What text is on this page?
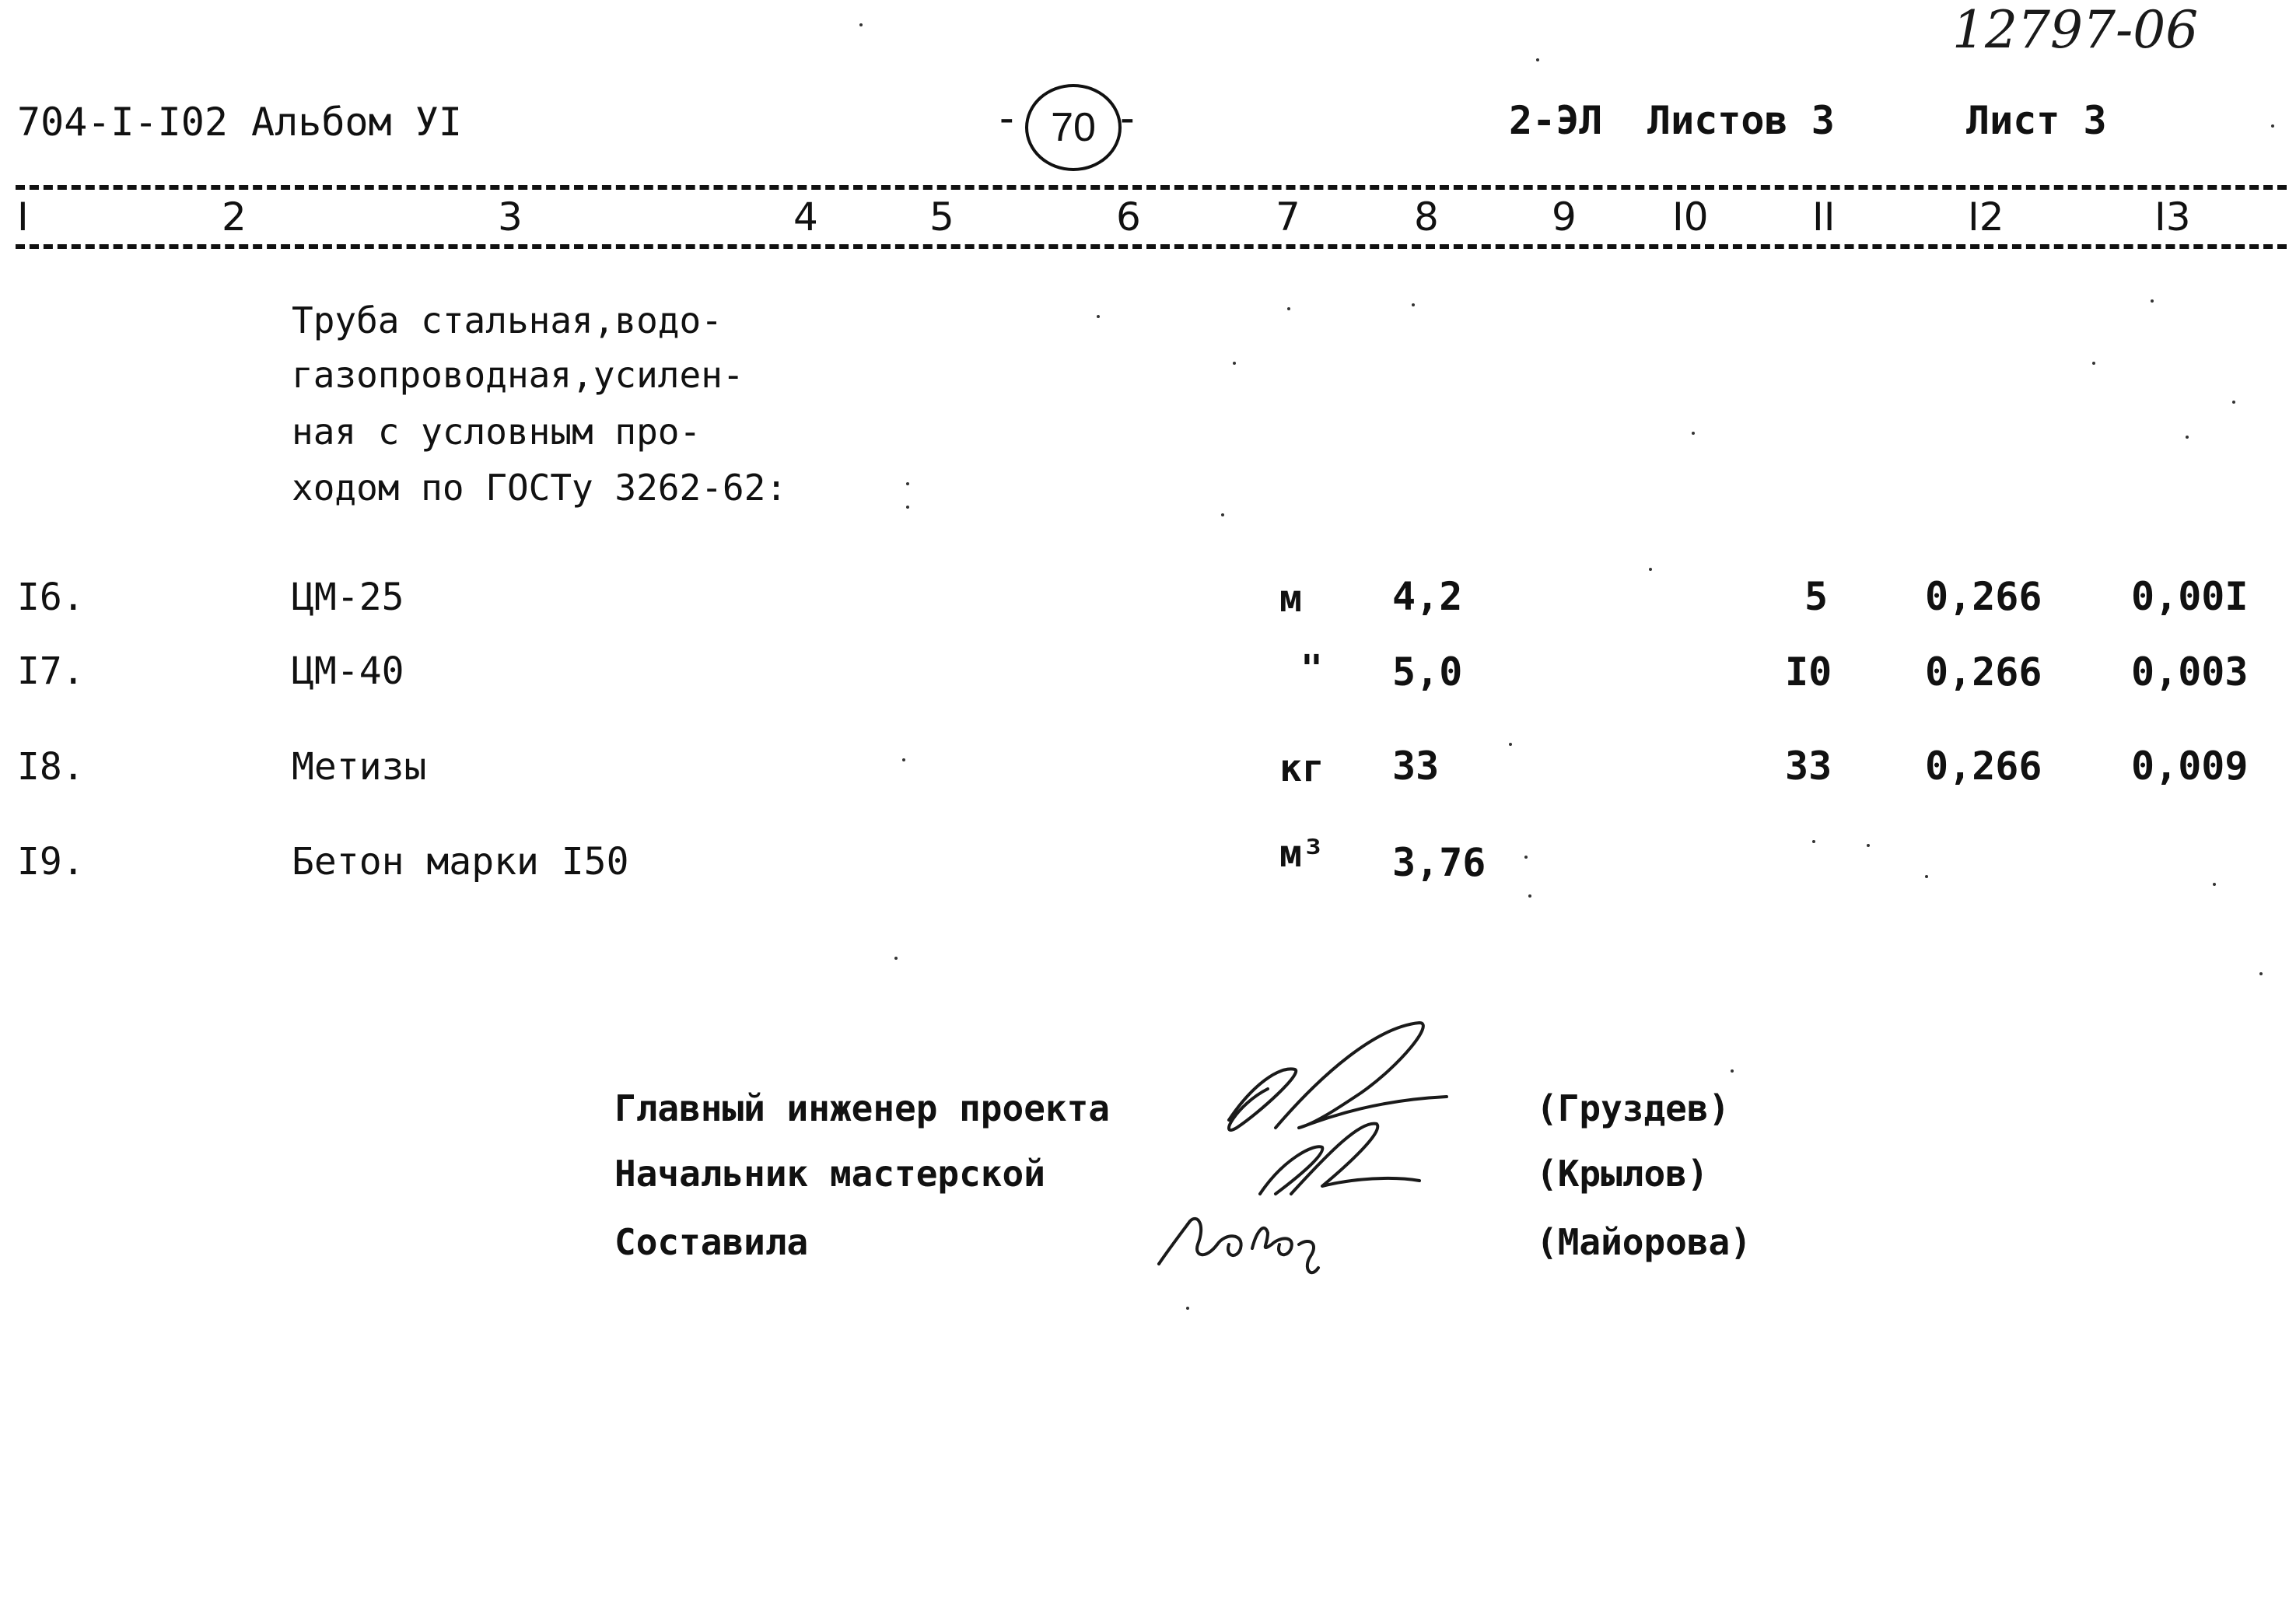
12797-06
704-I-I02 Альбом УI	- 70 -	2-ЭЛ Листов 3	Лист 3
I	2	3	4	5	6	7	8	9 I0	II	I2	I3
Труба стальная,водо-
газопроводная,усилен-
ная с условным про-
ходом по ГОСТу 3262-62:
I6.	ЦМ-25	м 4,2	5 0,266 0,00I
I7.	ЦМ-40	" 5,0	I0 0,266 0,003
I8.	Метизы	кг 33	33 0,266 0,009
I9.	Бетон марки I50	м³ 3,76
Главный инженер проекта
Начальник мастерской
Составила
(Груздев)
(Крылов)
(Майорова)
